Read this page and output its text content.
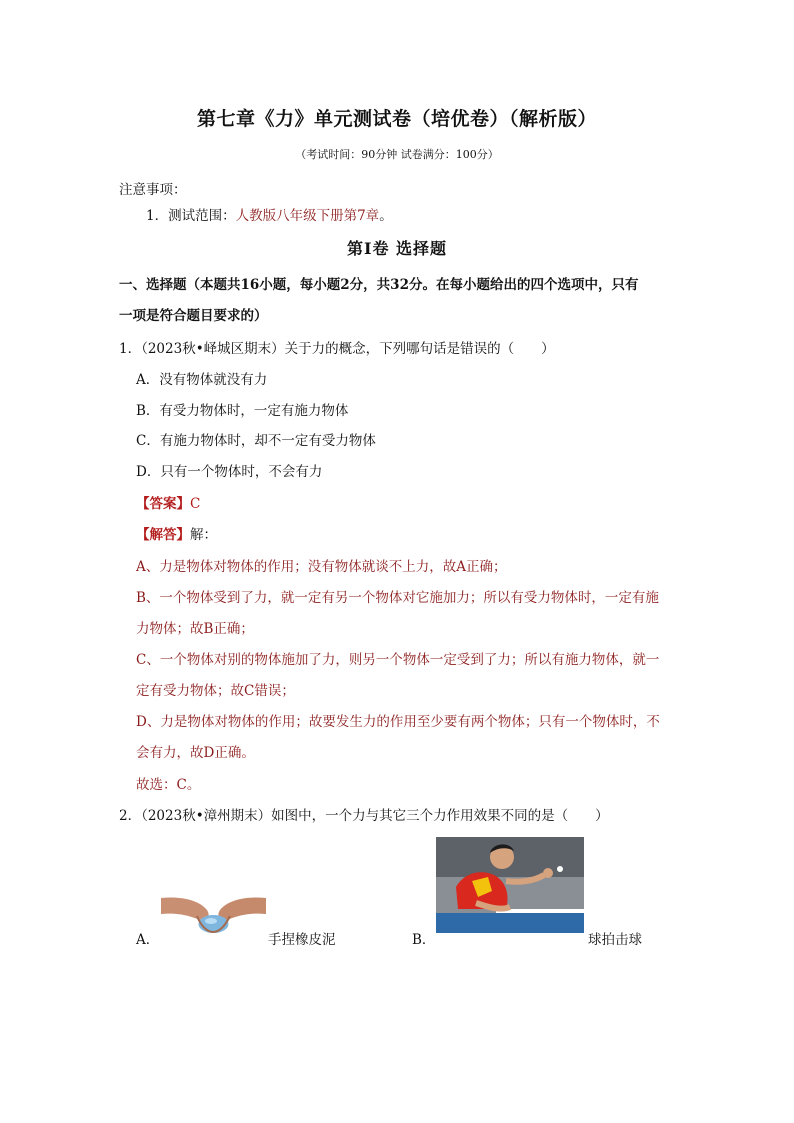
第七章《力》单元测试卷（培优卷）（解析版）
（考试时间：90分钟 试卷满分：100分）
注意事项：
1．测试范围：人教版八年级下册第7章。
第Ⅰ卷 选择题
一、选择题（本题共16小题，每小题2分，共32分。在每小题给出的四个选项中，只有
一项是符合题目要求的）
1．（2023秋•峄城区期末）关于力的概念，下列哪句话是错误的（　　）
A．没有物体就没有力
B．有受力物体时，一定有施力物体
C．有施力物体时，却不一定有受力物体
D．只有一个物体时，不会有力
【答案】C
【解答】解：
A、力是物体对物体的作用；没有物体就谈不上力，故A正确；
B、一个物体受到了力，就一定有另一个物体对它施加力；所以有受力物体时，一定有施
力物体；故B正确；
C、一个物体对别的物体施加了力，则另一个物体一定受到了力；所以有施力物体，就一
定有受力物体；故C错误；
D、力是物体对物体的作用；故要发生力的作用至少要有两个物体；只有一个物体时，不
会有力，故D正确。
故选：C。
2．（2023秋•漳州期末）如图中，一个力与其它三个力作用效果不同的是（　　）
A．	手捏橡皮泥	B．	球拍击球
